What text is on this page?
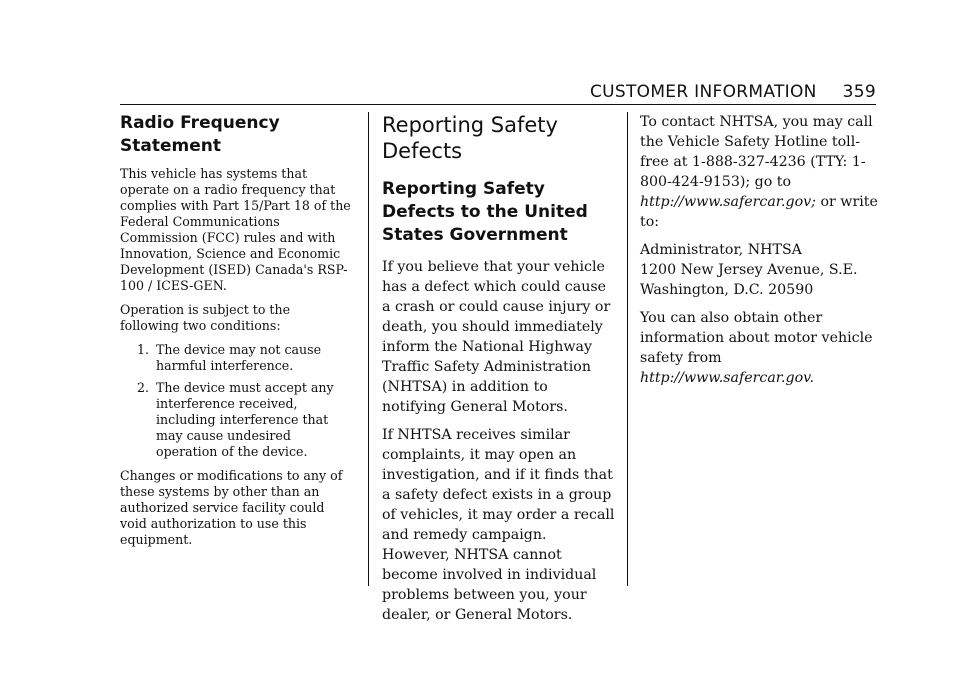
CUSTOMER INFORMATION 359
Radio Frequency Statement

This vehicle has systems that operate on a radio frequency that complies with Part 15/Part 18 of the Federal Communications Commission (FCC) rules and with Innovation, Science and Economic Development (ISED) Canada's RSP-100 / ICES-GEN.

Operation is subject to the following two conditions:

1. The device may not cause harmful interference.
2. The device must accept any interference received, including interference that may cause undesired operation of the device.

Changes or modifications to any of these systems by other than an authorized service facility could void authorization to use this equipment.

Reporting Safety Defects
Reporting Safety Defects to the United States Government

If you believe that your vehicle has a defect which could cause a crash or could cause injury or death, you should immediately inform the National Highway Traffic Safety Administration (NHTSA) in addition to notifying General Motors.

If NHTSA receives similar complaints, it may open an investigation, and if it finds that a safety defect exists in a group of vehicles, it may order a recall and remedy campaign. However, NHTSA cannot become involved in individual problems between you, your dealer, or General Motors.

To contact NHTSA, you may call the Vehicle Safety Hotline toll-free at 1-888-327-4236 (TTY: 1-800-424-9153); go to http://www.safercar.gov; or write to:

Administrator, NHTSA
1200 New Jersey Avenue, S.E.
Washington, D.C. 20590

You can also obtain other information about motor vehicle safety from http://www.safercar.gov.
